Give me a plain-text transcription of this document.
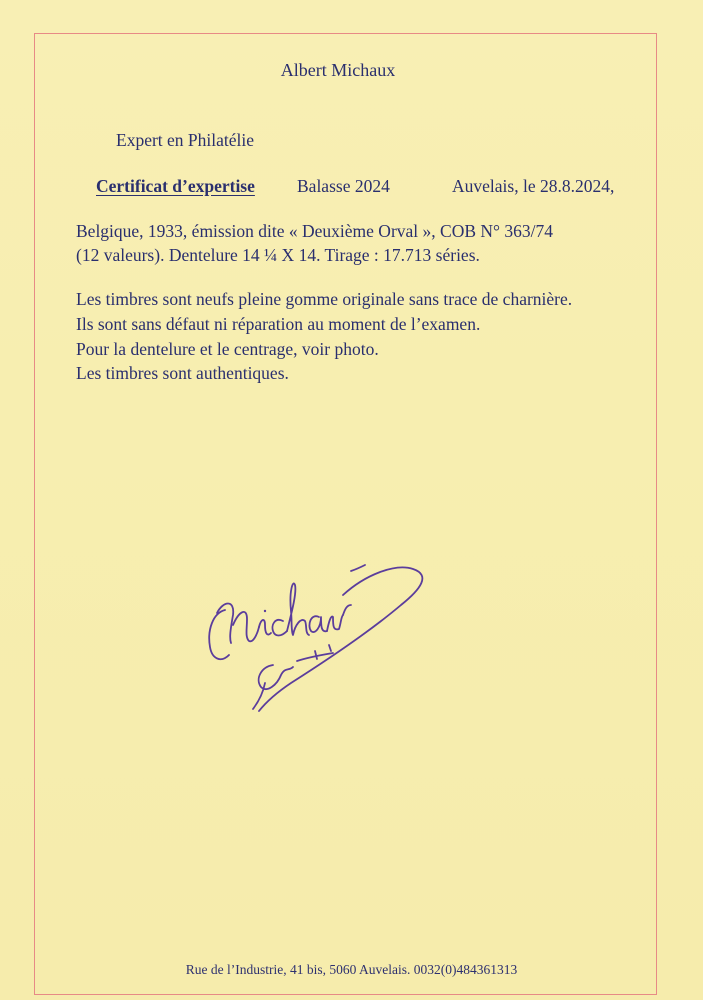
Albert Michaux
Expert en Philatélie
Certificat d’expertise Balasse 2024	Auvelais, le 28.8.2024,
Belgique, 1933, émission dite « Deuxième Orval », COB N° 363/74
(12 valeurs). Dentelure 14 ¼ X 14. Tirage : 17.713 séries.
Les timbres sont neufs pleine gomme originale sans trace de charnière.
Ils sont sans défaut ni réparation au moment de l’examen.
Pour la dentelure et le centrage, voir photo.
Les timbres sont authentiques.
Rue de l’Industrie, 41 bis, 5060 Auvelais. 0032(0)484361313
